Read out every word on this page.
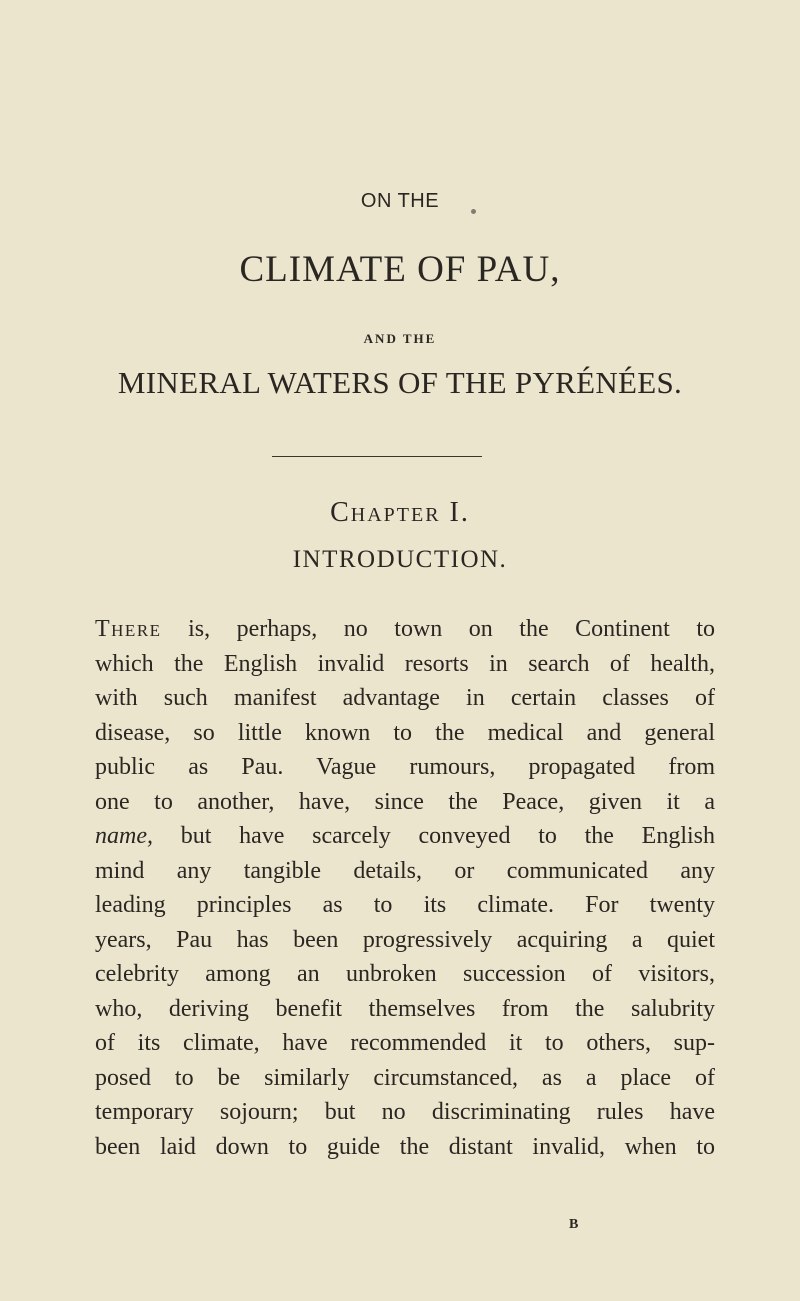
ON THE
CLIMATE OF PAU,
AND THE
MINERAL WATERS OF THE PYRÉNÉES.
Chapter I.
INTRODUCTION.
There is, perhaps, no town on the Continent to
which the English invalid resorts in search of health,
with such manifest advantage in certain classes of
disease, so little known to the medical and general
public as Pau. Vague rumours, propagated from
one to another, have, since the Peace, given it a
name, but have scarcely conveyed to the English
mind any tangible details, or communicated any
leading principles as to its climate. For twenty
years, Pau has been progressively acquiring a quiet
celebrity among an unbroken succession of visitors,
who, deriving benefit themselves from the salubrity
of its climate, have recommended it to others, sup-
posed to be similarly circumstanced, as a place of
temporary sojourn; but no discriminating rules have
been laid down to guide the distant invalid, when to
B
